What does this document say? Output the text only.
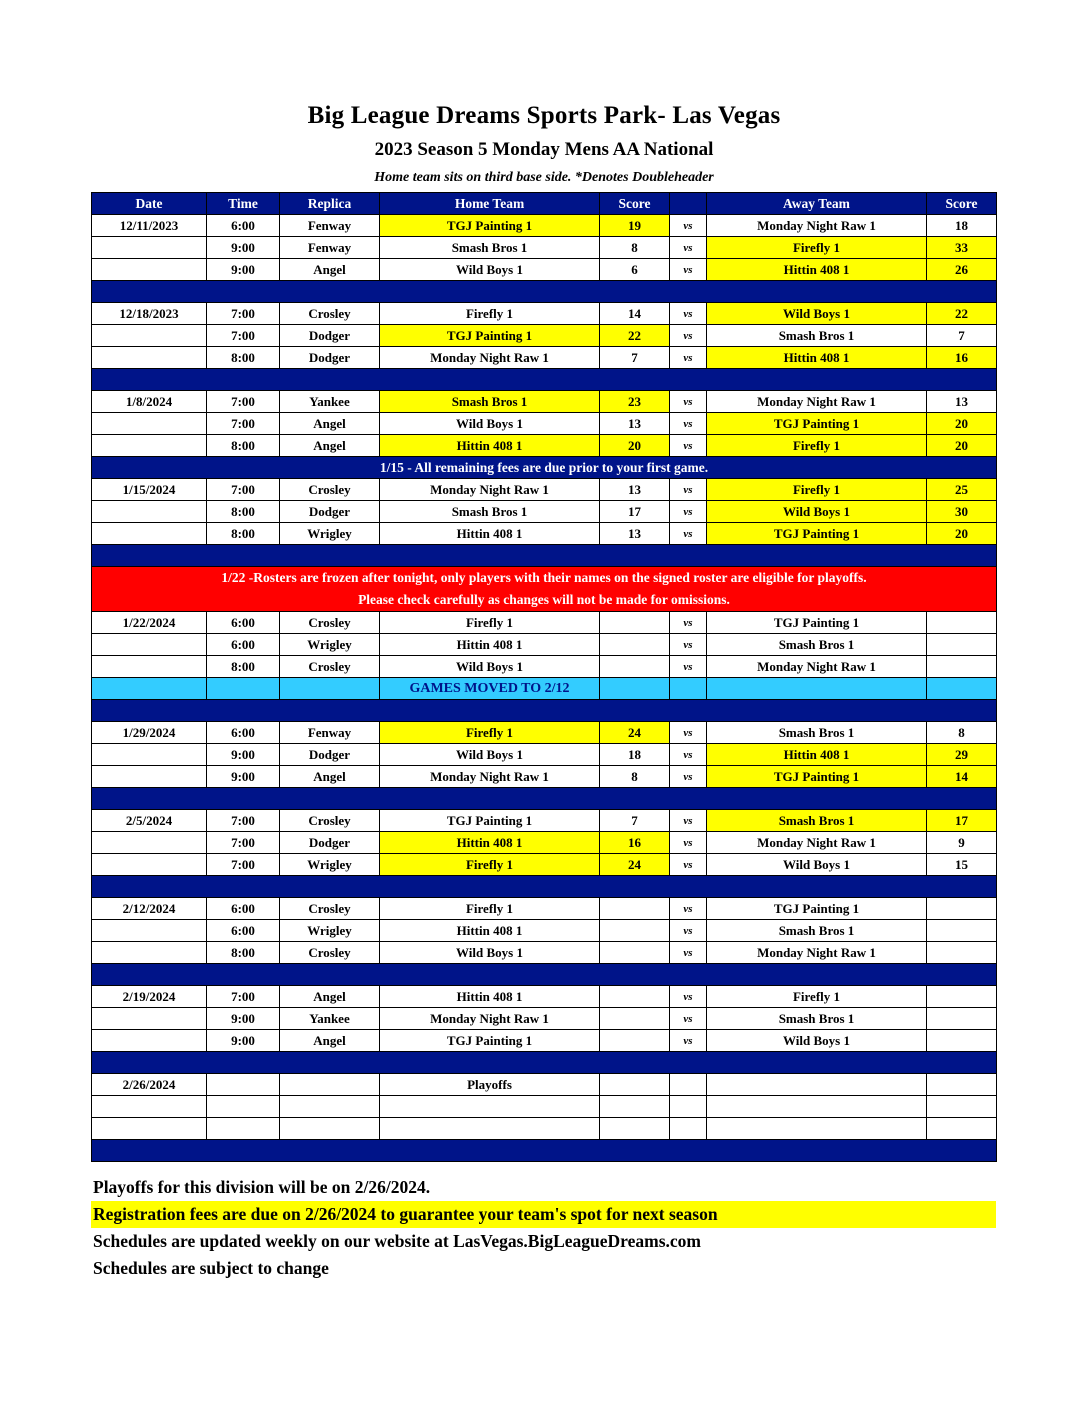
Big League Dreams Sports Park- Las Vegas
2023 Season 5 Monday Mens AA National
Home team sits on third base side. *Denotes Doubleheader
Date	Time	Replica	Home Team	Score		Away Team	Score
12/11/2023	6:00	Fenway	TGJ Painting 1	19	vs	Monday Night Raw 1	18
	9:00	Fenway	Smash Bros 1	8	vs	Firefly 1	33
	9:00	Angel	Wild Boys 1	6	vs	Hittin 408 1	26

12/18/2023	7:00	Crosley	Firefly 1	14	vs	Wild Boys 1	22
	7:00	Dodger	TGJ Painting 1	22	vs	Smash Bros 1	7
	8:00	Dodger	Monday Night Raw 1	7	vs	Hittin 408 1	16

1/8/2024	7:00	Yankee	Smash Bros 1	23	vs	Monday Night Raw 1	13
	7:00	Angel	Wild Boys 1	13	vs	TGJ Painting 1	20
	8:00	Angel	Hittin 408 1	20	vs	Firefly 1	20
1/15 - All remaining fees are due prior to your first game.							
1/15/2024	7:00	Crosley	Monday Night Raw 1	13	vs	Firefly 1	25
	8:00	Dodger	Smash Bros 1	17	vs	Wild Boys 1	30
	8:00	Wrigley	Hittin 408 1	13	vs	TGJ Painting 1	20

1/22 -Rosters are frozen after tonight, only players with their names on the signed roster are eligible for playoffs.
Please check carefully as changes will not be made for omissions.							

1/22/2024	6:00	Crosley	Firefly 1		vs	TGJ Painting 1	
	6:00	Wrigley	Hittin 408 1		vs	Smash Bros 1	
	8:00	Crosley	Wild Boys 1		vs	Monday Night Raw 1	
			GAMES MOVED TO 2/12				

1/29/2024	6:00	Fenway	Firefly 1	24	vs	Smash Bros 1	8
	9:00	Dodger	Wild Boys 1	18	vs	Hittin 408 1	29
	9:00	Angel	Monday Night Raw 1	8	vs	TGJ Painting 1	14

2/5/2024	7:00	Crosley	TGJ Painting 1	7	vs	Smash Bros 1	17
	7:00	Dodger	Hittin 408 1	16	vs	Monday Night Raw 1	9
	7:00	Wrigley	Firefly 1	24	vs	Wild Boys 1	15

2/12/2024	6:00	Crosley	Firefly 1		vs	TGJ Painting 1	
	6:00	Wrigley	Hittin 408 1		vs	Smash Bros 1	
	8:00	Crosley	Wild Boys 1		vs	Monday Night Raw 1	

2/19/2024	7:00	Angel	Hittin 408 1		vs	Firefly 1	
	9:00	Yankee	Monday Night Raw 1		vs	Smash Bros 1	
	9:00	Angel	TGJ Painting 1		vs	Wild Boys 1	

2/26/2024			Playoffs				

Playoffs for this division will be on 2/26/2024.
Registration fees are due on 2/26/2024 to guarantee your team's spot for next season
Schedules are updated weekly on our website at LasVegas.BigLeagueDreams.com
Schedules are subject to change
